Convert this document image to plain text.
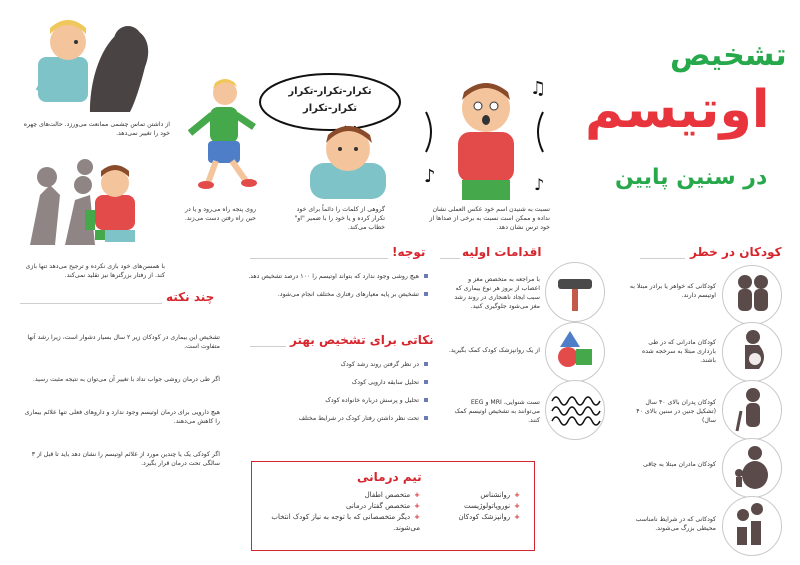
تشخیص
اوتیسم
در سنین پایین
تکرار-تکرار-تکرار
تکرار-تکرار
♪
♫
♪
از داشتن تماس چشمی ممانعت می‌ورزد. حالت‌های چهره خود را تغییر نمی‌دهد.
روی پنجه راه می‌رود و یا در حین راه رفتن دست می‌زند.
گروهی از کلمات را دائماً برای خود تکرار کرده و یا خود را با ضمیر "او" خطاب می‌کند.
نسبت به شنیدن اسم خود عکس العملی نشان نداده و ممکن است نسبت به برخی از صداها از خود ترس نشان دهد.
با همسن‌های خود بازی نکرده و ترجیح می‌دهد تنها بازی کند. از رفتار بزرگترها نیز تقلید نمی‌کند.
کودکان در خطر
کودکانی که خواهر یا برادر مبتلا به اوتیسم دارند.
کودکان مادرانی که در طی بارداری مبتلا به سرخجه شده باشند.
کودکان پدران بالای ۴۰ سال (تشکیل جنین در سنین بالای ۴۰ سال)
کودکان مادران مبتلا به چاقی
کودکانی که در شرایط نامناسب محیطی بزرگ می‌شوند.
اقدامات اولیه
با مراجعه به متخصص مغز و اعصاب از بروز هر نوع بیماری که سبب ایجاد ناهنجاری در روند رشد مغز می‌شود جلوگیری کنید.
از یک روانپزشک کودک کمک بگیرید.
تست شنوایی، MRI و EEG می‌توانند به تشخیص اوتیسم کمک کنند.
توجه!
هیچ روشی وجود ندارد که بتواند اوتیسم را ۱۰۰ درصد تشخیص دهد.
تشخیص بر پایه معیارهای رفتاری مختلف انجام می‌شود.
نکاتی برای تشخیص بهتر
در نظر گرفتن روند رشد کودک
تحلیل سابقه دارویی کودک
تحلیل و پرسش درباره خانواده کودک
تحت نظر داشتن رفتار کودک در شرایط مختلف
چند نکته
تشخیص این بیماری در کودکان زیر ۲ سال بسیار دشوار است، زیرا رشد آنها متفاوت است.
اگر طی درمان روشی جواب نداد با تغییر آن می‌توان به نتیجه مثبت رسید.
هیچ دارویی برای درمان اوتیسم وجود ندارد و داروهای فعلی تنها علائم بیماری را کاهش می‌دهند.
اگر کودکی یک یا چندین مورد از علائم اوتیسم را نشان دهد باید تا قبل از ۳ سالگی تحت درمان قرار بگیرد.
تیم درمانی
+روانشناس
+نوروپاتولوژیست
+روانپزشک کودکان
+متخصص اطفال
+متخصص گفتار درمانی
+دیگر متخصصانی که با توجه به نیاز کودک انتخاب می‌شوند.
